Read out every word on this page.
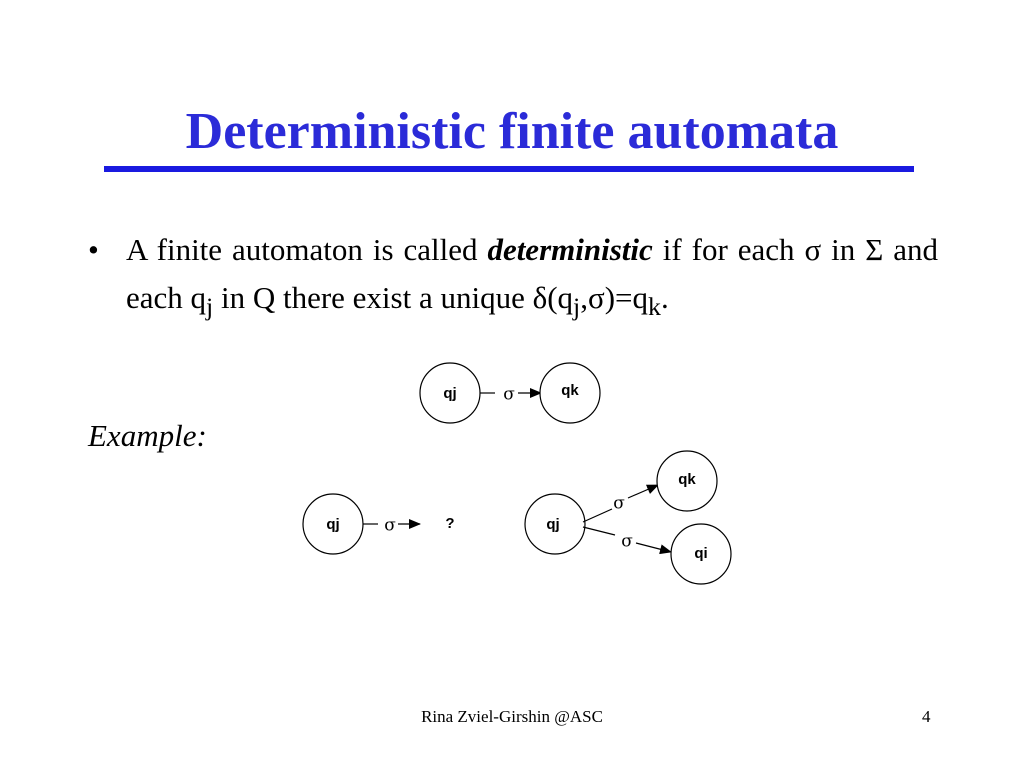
Deterministic finite automata
• A finite automaton is called deterministic if for each σ in Σ and each $q_j$ in Q there exist a unique $\delta(q_j,\sigma)=q_k$.
Example:
qj	σ	qk
qj	σ	?	qj
σ
qk
σ
qi
Rina Zviel-Girshin @ASC	4
